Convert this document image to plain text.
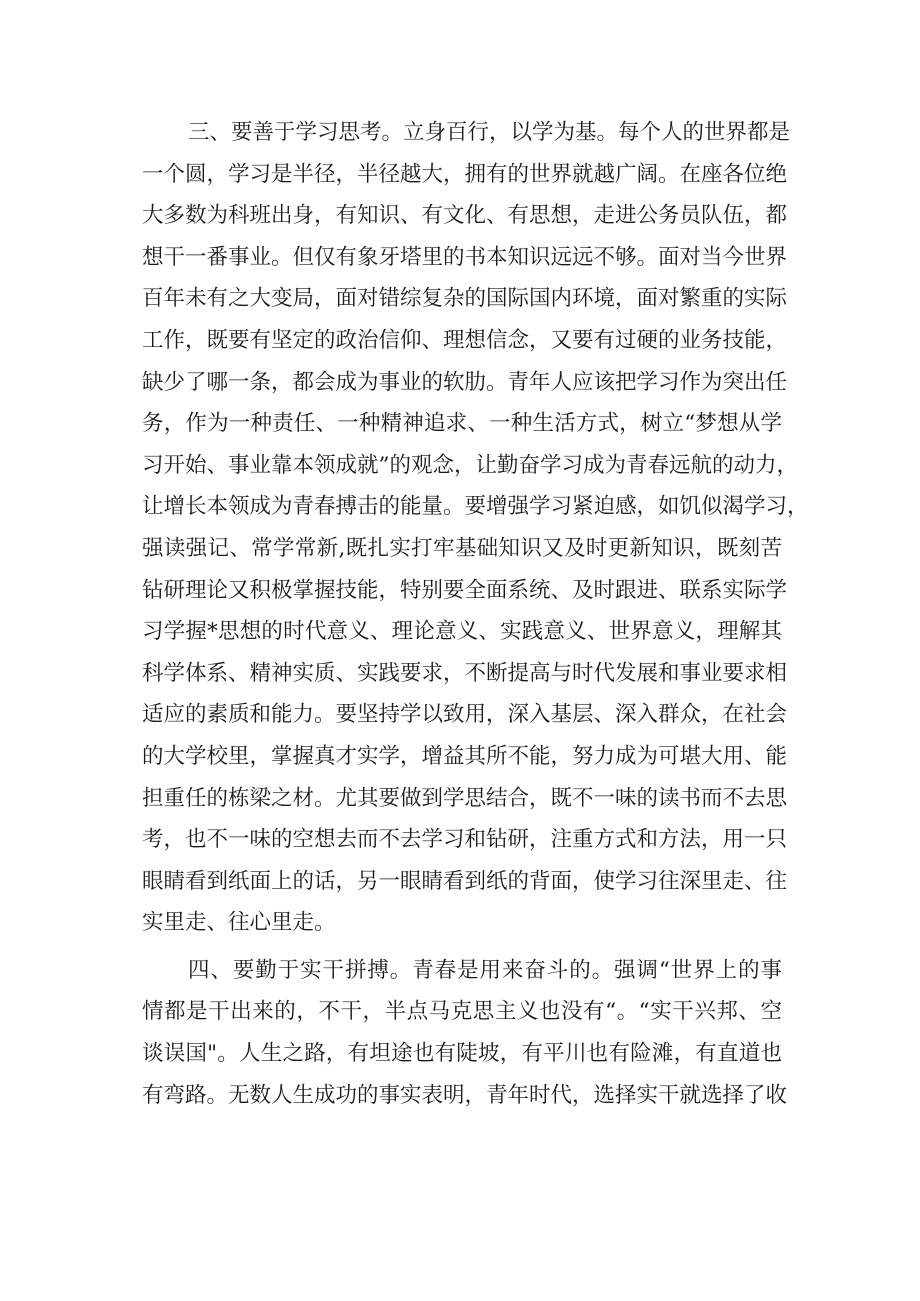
三、要善于学习思考。立身百行，以学为基。每个人的世界都是
一个圆，学习是半径，半径越大，拥有的世界就越广阔。在座各位绝
大多数为科班出身，有知识、有文化、有思想，走进公务员队伍，都
想干一番事业。但仅有象牙塔里的书本知识远远不够。面对当今世界
百年未有之大变局，面对错综复杂的国际国内环境，面对繁重的实际
工作，既要有坚定的政治信仰、理想信念，又要有过硬的业务技能，
缺少了哪一条，都会成为事业的软肋。青年人应该把学习作为突出任
务，作为一种责任、一种精神追求、一种生活方式，树立“梦想从学
习开始、事业靠本领成就”的观念，让勤奋学习成为青春远航的动力，
让增长本领成为青春搏击的能量。要增强学习紧迫感，如饥似渴学习，
强读强记、常学常新,既扎实打牢基础知识又及时更新知识，既刻苦
钻研理论又积极掌握技能，特别要全面系统、及时跟进、联系实际学
习学握*思想的时代意义、理论意义、实践意义、世界意义，理解其
科学体系、精神实质、实践要求，不断提高与时代发展和事业要求相
适应的素质和能力。要坚持学以致用，深入基层、深入群众，在社会
的大学校里，掌握真才实学，增益其所不能，努力成为可堪大用、能
担重任的栋梁之材。尤其要做到学思结合，既不一味的读书而不去思
考，也不一味的空想去而不去学习和钻研，注重方式和方法，用一只
眼睛看到纸面上的话，另一眼睛看到纸的背面，使学习往深里走、往
实里走、往心里走。
四、要勤于实干拼搏。青春是用来奋斗的。强调“世界上的事
情都是干出来的，不干，半点马克思主义也没有“。“实干兴邦、空
谈误国"。人生之路，有坦途也有陡坡，有平川也有险滩，有直道也
有弯路。无数人生成功的事实表明，青年时代，选择实干就选择了收
